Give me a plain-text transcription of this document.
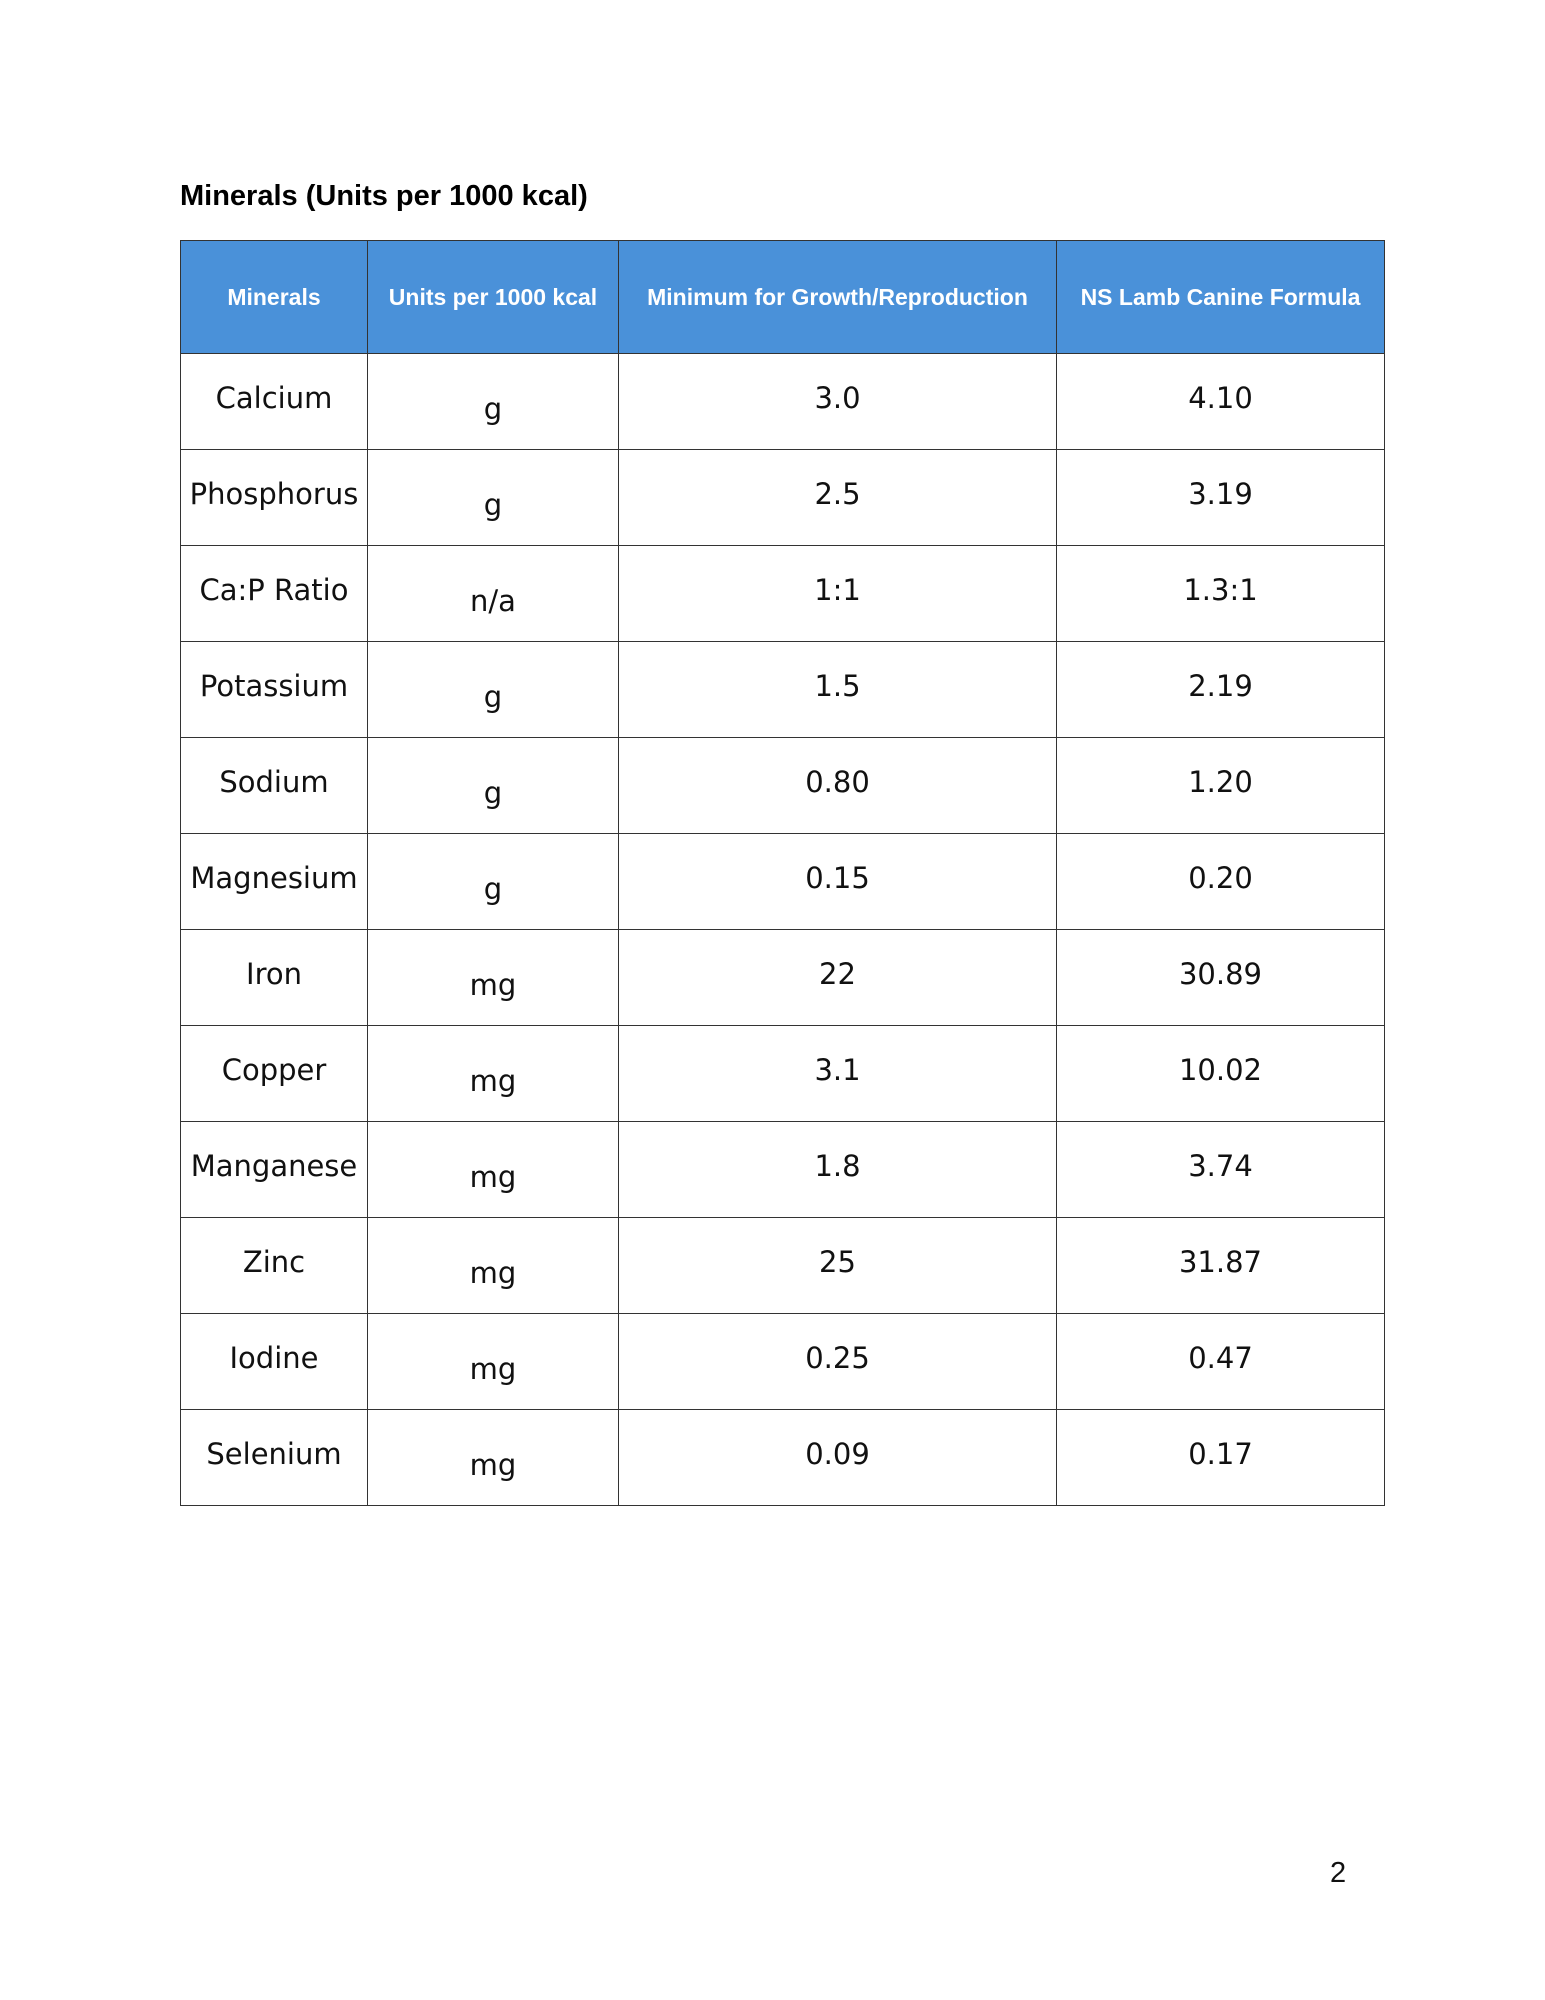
Minerals (Units per 1000 kcal)
Minerals	Units per 1000 kcal	Minimum for Growth/Reproduction	NS Lamb Canine Formula
Calcium	g	3.0	4.10
Phosphorus	g	2.5	3.19
Ca:P Ratio	n/a	1:1	1.3:1
Potassium	g	1.5	2.19
Sodium	g	0.80	1.20
Magnesium	g	0.15	0.20
Iron	mg	22	30.89
Copper	mg	3.1	10.02
Manganese	mg	1.8	3.74
Zinc	mg	25	31.87
Iodine	mg	0.25	0.47
Selenium	mg	0.09	0.17
2
